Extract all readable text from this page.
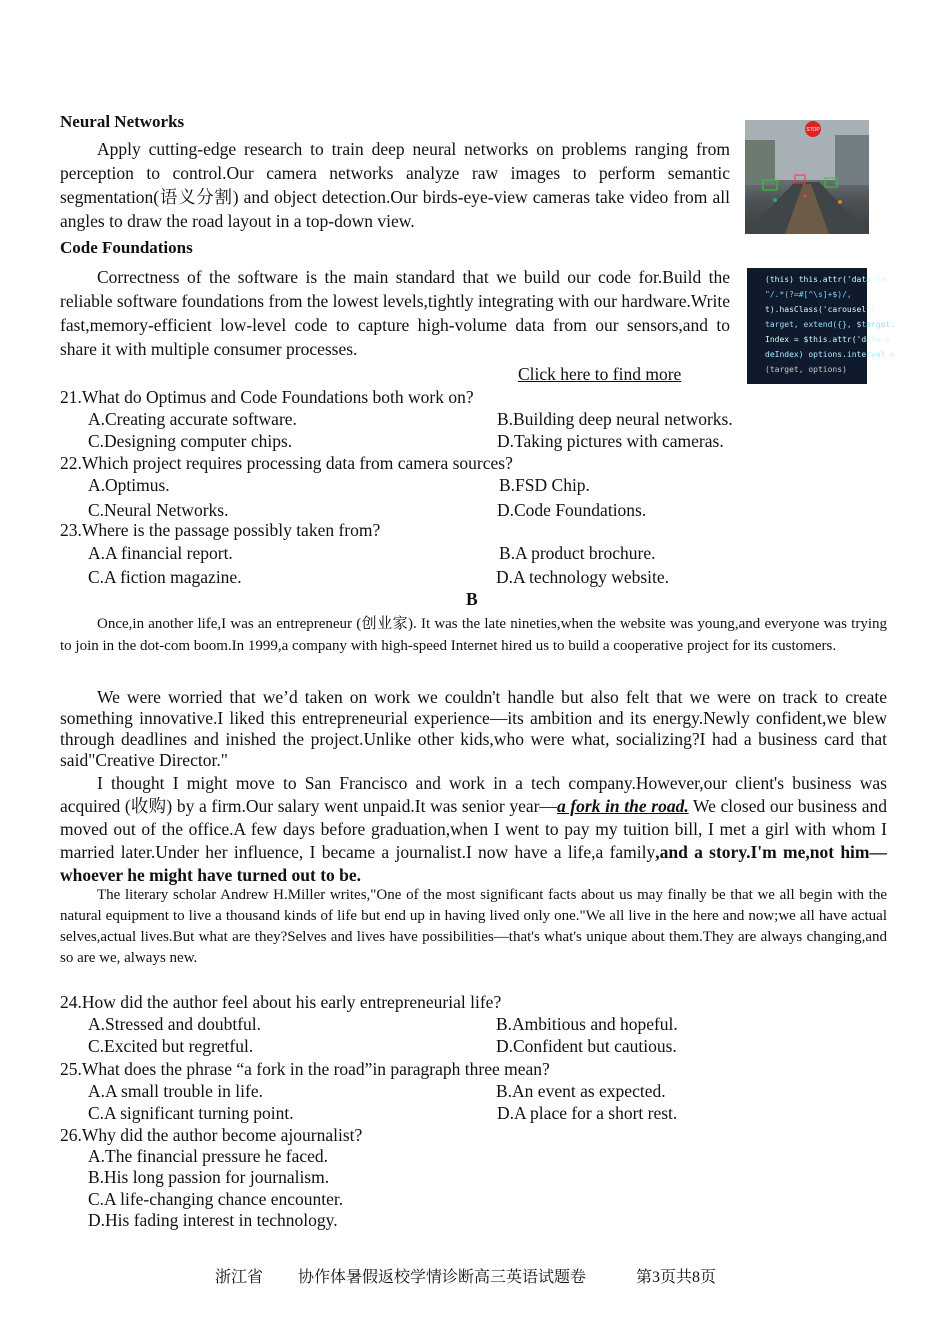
Neural Networks
Apply cutting-edge research to train deep neural networks on problems ranging from perception to control.Our camera networks analyze raw images to perform semantic segmentation(语义分割) and object detection.Our birds-eye-view cameras take video from all angles to draw the road layout in a top-down view.
STOP
Code Foundations
Correctness of the software is the main standard that we build our code for.Build the reliable software foundations from the lowest levels,tightly integrating with our hardware.Write fast,memory-efficient low-level code to capture high-volume data from our sensors,and to share it with multiple consumer processes.
Click here to find more
(this) this.attr('data-ta
"/.*(?=#[^\s]+$)/,
t).hasClass('carousel')
target, extend({}, $target.
Index = $this.attr('data-s
deIndex) options.interval =
(target, options)
21.What do Optimus and Code Foundations both work on?
A.Creating accurate software.	B.Building deep neural networks.
C.Designing computer chips.	D.Taking pictures with cameras.
22.Which project requires processing data from camera sources?
A.Optimus.	B.FSD Chip.
C.Neural Networks.	D.Code Foundations.
23.Where is the passage possibly taken from?
A.A financial report.	B.A product brochure.
C.A fiction magazine.	D.A technology website.
B
Once,in another life,I was an entrepreneur (创业家). It was the late nineties,when the website was young,and everyone was trying to join in the dot-com boom.In 1999,a company with high-speed Internet hired us to build a cooperative project for its customers.
We were worried that we’d taken on work we couldn't handle but also felt that we were on track to create something innovative.I liked this entrepreneurial experience—its ambition and its energy.Newly confident,we blew through deadlines and inished the project.Unlike other kids,who were what, socializing?I had a business card that said"Creative Director."
I thought I might move to San Francisco and work in a tech company.However,our client's business was acquired (收购) by a firm.Our salary went unpaid.It was senior year—a fork in the road. We closed our business and moved out of the office.A few days before graduation,when I went to pay my tuition bill, I met a girl with whom I married later.Under her influence, I became a journalist.I now have a life,a family,and a story.I'm me,not him—whoever he might have turned out to be.
The literary scholar Andrew H.Miller writes,"One of the most significant facts about us may finally be that we all begin with the natural equipment to live a thousand kinds of life but end up in having lived only one."We all live in the here and now;we all have actual selves,actual lives.But what are they?Selves and lives have possibilities—that's what's unique about them.They are always changing,and so are we, always new.
24.How did the author feel about his early entrepreneurial life?
A.Stressed and doubtful.	B.Ambitious and hopeful.
C.Excited but regretful.	D.Confident but cautious.
25.What does the phrase “a fork in the road”in paragraph three mean?
A.A small trouble in life.	B.An event as expected.
C.A significant turning point.	D.A place for a short rest.
26.Why did the author become ajournalist?
A.The financial pressure he faced.
B.His long passion for journalism.
C.A life-changing chance encounter.
D.His fading interest in technology.
浙江省 协作体暑假返校学情诊断高三英语试题卷	第3页共8页
